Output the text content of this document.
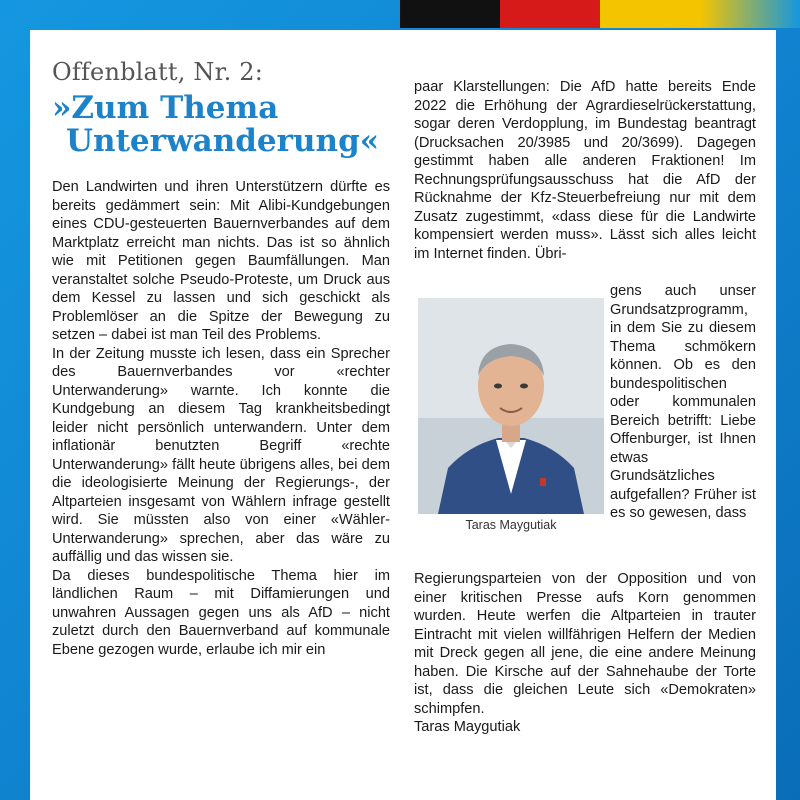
Offenblatt, Nr. 2:
»Zum Thema
Unterwanderung«

Den Landwirten und ihren Unterstützern dürfte es bereits gedämmert sein: Mit Alibi-Kundgebungen eines CDU-gesteuerten Bauernverbandes auf dem Marktplatz erreicht man nichts. Das ist so ähnlich wie mit Petitionen gegen Baumfällungen. Man veranstaltet solche Pseudo-Proteste, um Druck aus dem Kessel zu lassen und sich geschickt als Problemlöser an die Spitze der Bewegung zu setzen – dabei ist man Teil des Problems.

In der Zeitung musste ich lesen, dass ein Sprecher des Bauernverbandes vor «rechter Unterwanderung» warnte. Ich konnte die Kundgebung an diesem Tag krankheitsbedingt leider nicht persönlich unterwandern. Unter dem inflationär benutzten Begriff «rechte Unterwanderung» fällt heute übrigens alles, bei dem die ideologisierte Meinung der Regierungs-, der Altparteien insgesamt von Wählern infrage gestellt wird. Sie müssten also von einer «Wähler-Unterwanderung» sprechen, aber das wäre zu auffällig und das wissen sie.

Da dieses bundespolitische Thema hier im ländlichen Raum – mit Diffamierungen und unwahren Aussagen gegen uns als AfD – nicht zuletzt durch den Bauernverband auf kommunale Ebene gezogen wurde, erlaube ich mir ein

paar Klarstellungen: Die AfD hatte bereits Ende 2022 die Erhöhung der Agrardieselrückerstattung, sogar deren Verdopplung, im Bundestag beantragt (Drucksachen 20/3985 und 20/3699). Dagegen gestimmt haben alle anderen Fraktionen! Im Rechnungsprüfungsausschuss hat die AfD der Rücknahme der Kfz-Steuerbefreiung nur mit dem Zusatz zugestimmt, «dass diese für die Landwirte kompensiert werden muss». Lässt sich alles leicht im Internet finden. Übri-

Taras Maygutiak

gens auch unser Grundsatzprogramm, in dem Sie zu diesem Thema schmökern können. Ob es den bundespolitischen oder kommunalen Bereich betrifft: Liebe Offenburger, ist Ihnen etwas Grundsätzliches aufgefallen? Früher ist es so gewesen, dass

Regierungsparteien von der Opposition und von einer kritischen Presse aufs Korn genommen wurden. Heute werfen die Altparteien in trauter Eintracht mit vielen willfährigen Helfern der Medien mit Dreck gegen all jene, die eine andere Meinung haben. Die Kirsche auf der Sahnehaube der Torte ist, dass die gleichen Leute sich «Demokraten» schimpfen.

Taras Maygutiak
